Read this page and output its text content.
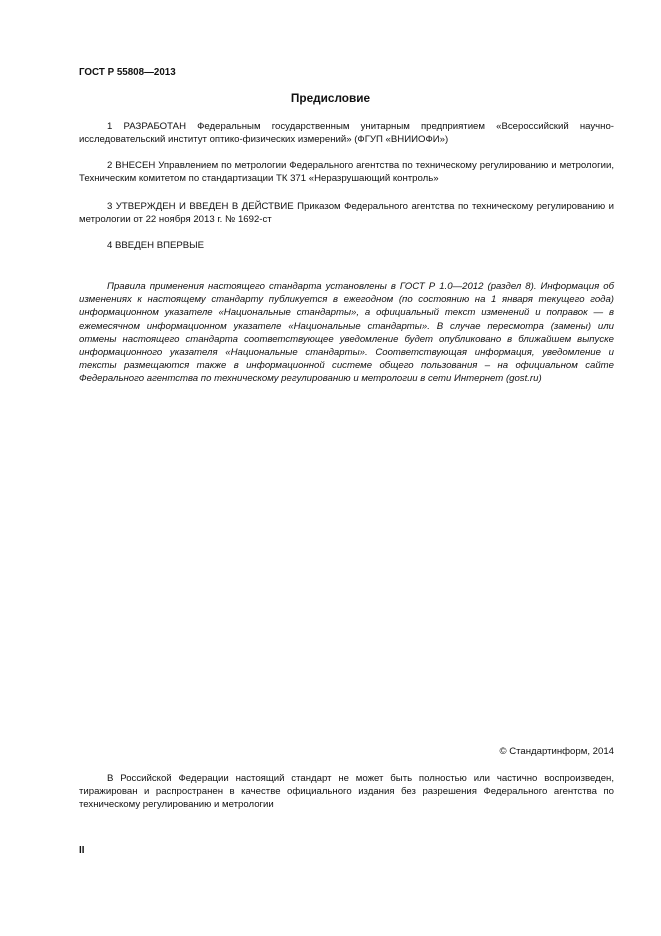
ГОСТ Р 55808—2013
Предисловие

1 РАЗРАБОТАН Федеральным государственным унитарным предприятием «Всероссийский научно-исследовательский институт оптико-физических измерений» (ФГУП «ВНИИОФИ»)

2 ВНЕСЕН Управлением по метрологии Федерального агентства по техническому регулированию и метрологии, Техническим комитетом по стандартизации ТК 371 «Неразрушающий контроль»

3 УТВЕРЖДЕН И ВВЕДЕН В ДЕЙСТВИЕ Приказом Федерального агентства по техническому регулированию и метрологии от 22 ноября 2013 г. № 1692-ст

4 ВВЕДЕН ВПЕРВЫЕ

Правила применения настоящего стандарта установлены в ГОСТ Р 1.0—2012 (раздел 8). Информация об изменениях к настоящему стандарту публикуется в ежегодном (по состоянию на 1 января текущего года) информационном указателе «Национальные стандарты», а официальный текст изменений и поправок — в ежемесячном информационном указателе «Национальные стандарты». В случае пересмотра (замены) или отмены настоящего стандарта соответствующее уведомление будет опубликовано в ближайшем выпуске информационного указателя «Национальные стандарты». Соответствующая информация, уведомление и тексты размещаются также в информационной системе общего пользования – на официальном сайте Федерального агентства по техническому регулированию и метрологии в сети Интернет (gost.ru)

© Стандартинформ, 2014

В Российской Федерации настоящий стандарт не может быть полностью или частично воспроизведен, тиражирован и распространен в качестве официального издания без разрешения Федерального агентства по техническому регулированию и метрологии

II
